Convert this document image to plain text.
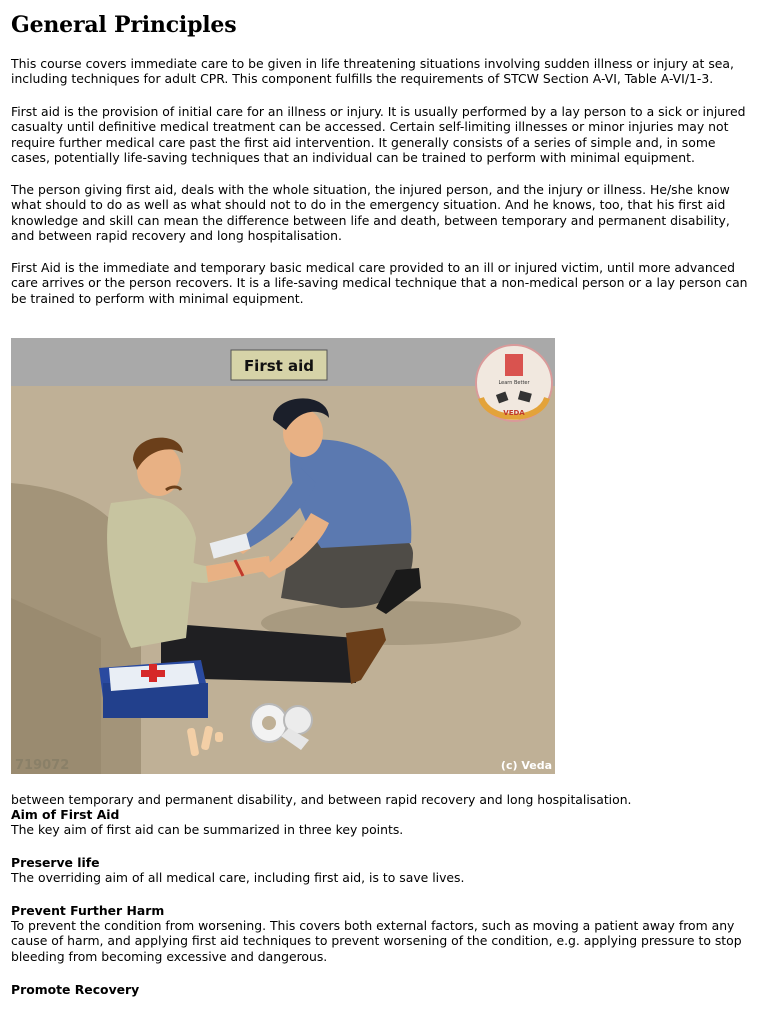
General Principles

This course covers immediate care to be given in life threatening situations involving sudden illness or injury at sea, including techniques for adult CPR. This component fulfills the requirements of STCW Section A-VI, Table A-VI/1-3.

First aid is the provision of initial care for an illness or injury. It is usually performed by a lay person to a sick or injured casualty until definitive medical treatment can be accessed. Certain self-limiting illnesses or minor injuries may not require further medical care past the first aid intervention. It generally consists of a series of simple and, in some cases, potentially life-saving techniques that an individual can be trained to perform with minimal equipment.

The person giving first aid, deals with the whole situation, the injured person, and the injury or illness. He/she know what should to do as well as what should not to do in the emergency situation. And he knows, too, that his first aid knowledge and skill can mean the difference between life and death, between temporary and permanent disability, and between rapid recovery and long hospitalisation.

First Aid is the immediate and temporary basic medical care provided to an ill or injured victim, until more advanced care arrives or the person recovers. It is a life-saving medical technique that a non-medical person or a lay person can be trained to perform with minimal equipment.

First aid
Learn Better
VEDA
719072	(c) Veda

between temporary and permanent disability, and between rapid recovery and long hospitalisation.

Aim of First Aid

The key aim of first aid can be summarized in three key points.

Preserve life

The overriding aim of all medical care, including first aid, is to save lives.

Prevent Further Harm

To prevent the condition from worsening. This covers both external factors, such as moving a patient away from any cause of harm, and applying first aid techniques to prevent worsening of the condition, e.g. applying pressure to stop bleeding from becoming excessive and dangerous.

Promote Recovery
